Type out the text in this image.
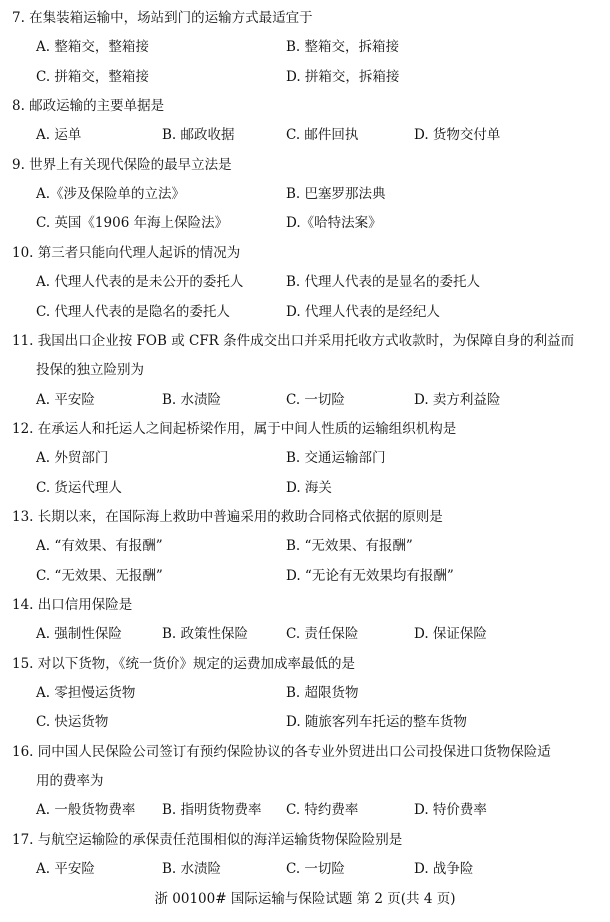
7. 在集装箱运输中，场站到门的运输方式最适宜于
A. 整箱交，整箱接	B. 整箱交，拆箱接
C. 拼箱交，整箱接	D. 拼箱交，拆箱接
8. 邮政运输的主要单据是
A. 运单	B. 邮政收据	C. 邮件回执	D. 货物交付单
9. 世界上有关现代保险的最早立法是
A.《涉及保险单的立法》	B. 巴塞罗那法典
C. 英国《1906 年海上保险法》	D.《哈特法案》
10. 第三者只能向代理人起诉的情况为
A. 代理人代表的是未公开的委托人	B. 代理人代表的是显名的委托人
C. 代理人代表的是隐名的委托人	D. 代理人代表的是经纪人
11. 我国出口企业按 FOB 或 CFR 条件成交出口并采用托收方式收款时，为保障自身的利益而
投保的独立险别为
A. 平安险	B. 水渍险	C. 一切险	D. 卖方利益险
12. 在承运人和托运人之间起桥梁作用，属于中间人性质的运输组织机构是
A. 外贸部门	B. 交通运输部门
C. 货运代理人	D. 海关
13. 长期以来，在国际海上救助中普遍采用的救助合同格式依据的原则是
A. “有效果、有报酬”	B. “无效果、有报酬”
C. “无效果、无报酬”	D. “无论有无效果均有报酬”
14. 出口信用保险是
A. 强制性保险	B. 政策性保险	C. 责任保险	D. 保证保险
15. 对以下货物，《统一货价》规定的运费加成率最低的是
A. 零担慢运货物	B. 超限货物
C. 快运货物	D. 随旅客列车托运的整车货物
16. 同中国人民保险公司签订有预约保险协议的各专业外贸进出口公司投保进口货物保险适
用的费率为
A. 一般货物费率 B. 指明货物费率 C. 特约费率	D. 特价费率
17. 与航空运输险的承保责任范围相似的海洋运输货物保险险别是
A. 平安险	B. 水渍险	C. 一切险	D. 战争险
浙 00100# 国际运输与保险试题 第 2 页(共 4 页)
